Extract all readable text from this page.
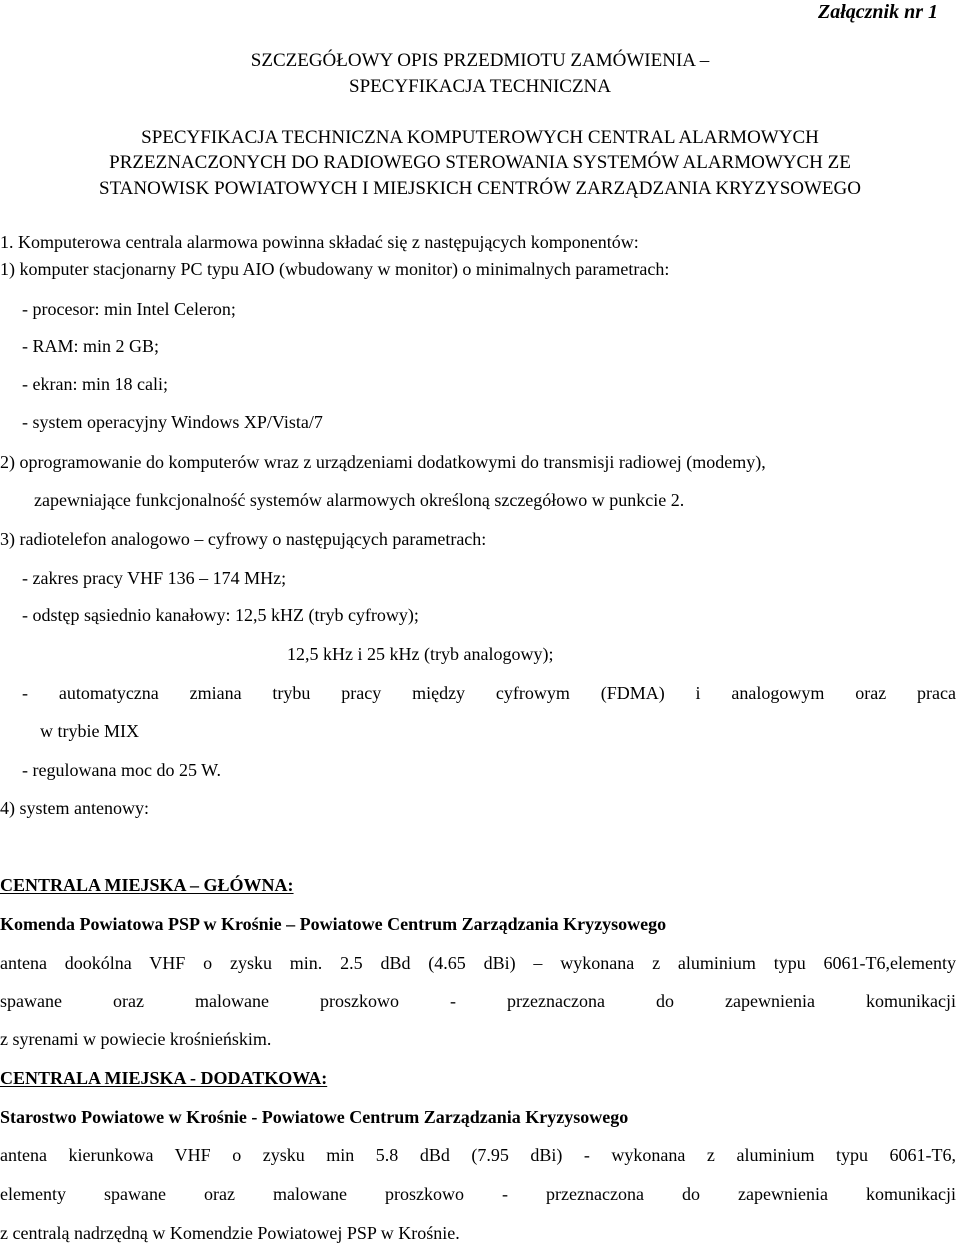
Załącznik nr 1
SZCZEGÓŁOWY OPIS PRZEDMIOTU ZAMÓWIENIA –
SPECYFIKACJA TECHNICZNA
SPECYFIKACJA TECHNICZNA KOMPUTEROWYCH CENTRAL ALARMOWYCH
PRZEZNACZONYCH DO RADIOWEGO STEROWANIA SYSTEMÓW ALARMOWYCH ZE
STANOWISK POWIATOWYCH I MIEJSKICH CENTRÓW ZARZĄDZANIA KRYZYSOWEGO
1. Komputerowa centrala alarmowa powinna składać się z następujących komponentów:
1) komputer stacjonarny PC typu AIO (wbudowany w monitor) o minimalnych parametrach:
- procesor: min Intel Celeron;
- RAM: min 2 GB;
- ekran: min 18 cali;
- system operacyjny Windows XP/Vista/7
2) oprogramowanie do komputerów wraz z urządzeniami dodatkowymi do transmisji radiowej (modemy),
zapewniające funkcjonalność systemów alarmowych określoną szczegółowo w punkcie 2.
3) radiotelefon analogowo – cyfrowy o następujących parametrach:
- zakres pracy VHF 136 – 174 MHz;
- odstęp sąsiednio kanałowy: 12,5 kHZ (tryb cyfrowy);
12,5 kHz i 25 kHz (tryb analogowy);
- automatyczna zmiana trybu pracy między cyfrowym (FDMA) i analogowym oraz praca
w trybie MIX
- regulowana moc do 25 W.
4) system antenowy:
CENTRALA MIEJSKA – GŁÓWNA:
Komenda Powiatowa PSP w Krośnie – Powiatowe Centrum Zarządzania Kryzysowego
antena dookólna VHF o zysku min. 2.5 dBd (4.65 dBi) – wykonana z aluminium typu 6061-T6,elementy
spawane oraz malowane proszkowo - przeznaczona do zapewnienia komunikacji
z syrenami w powiecie krośnieńskim.
CENTRALA MIEJSKA - DODATKOWA:
Starostwo Powiatowe w Krośnie - Powiatowe Centrum Zarządzania Kryzysowego
antena kierunkowa VHF o zysku min 5.8 dBd (7.95 dBi) - wykonana z aluminium typu 6061-T6,
elementy spawane oraz malowane proszkowo - przeznaczona do zapewnienia komunikacji
z centralą nadrzędną w Komendzie Powiatowej PSP w Krośnie.
